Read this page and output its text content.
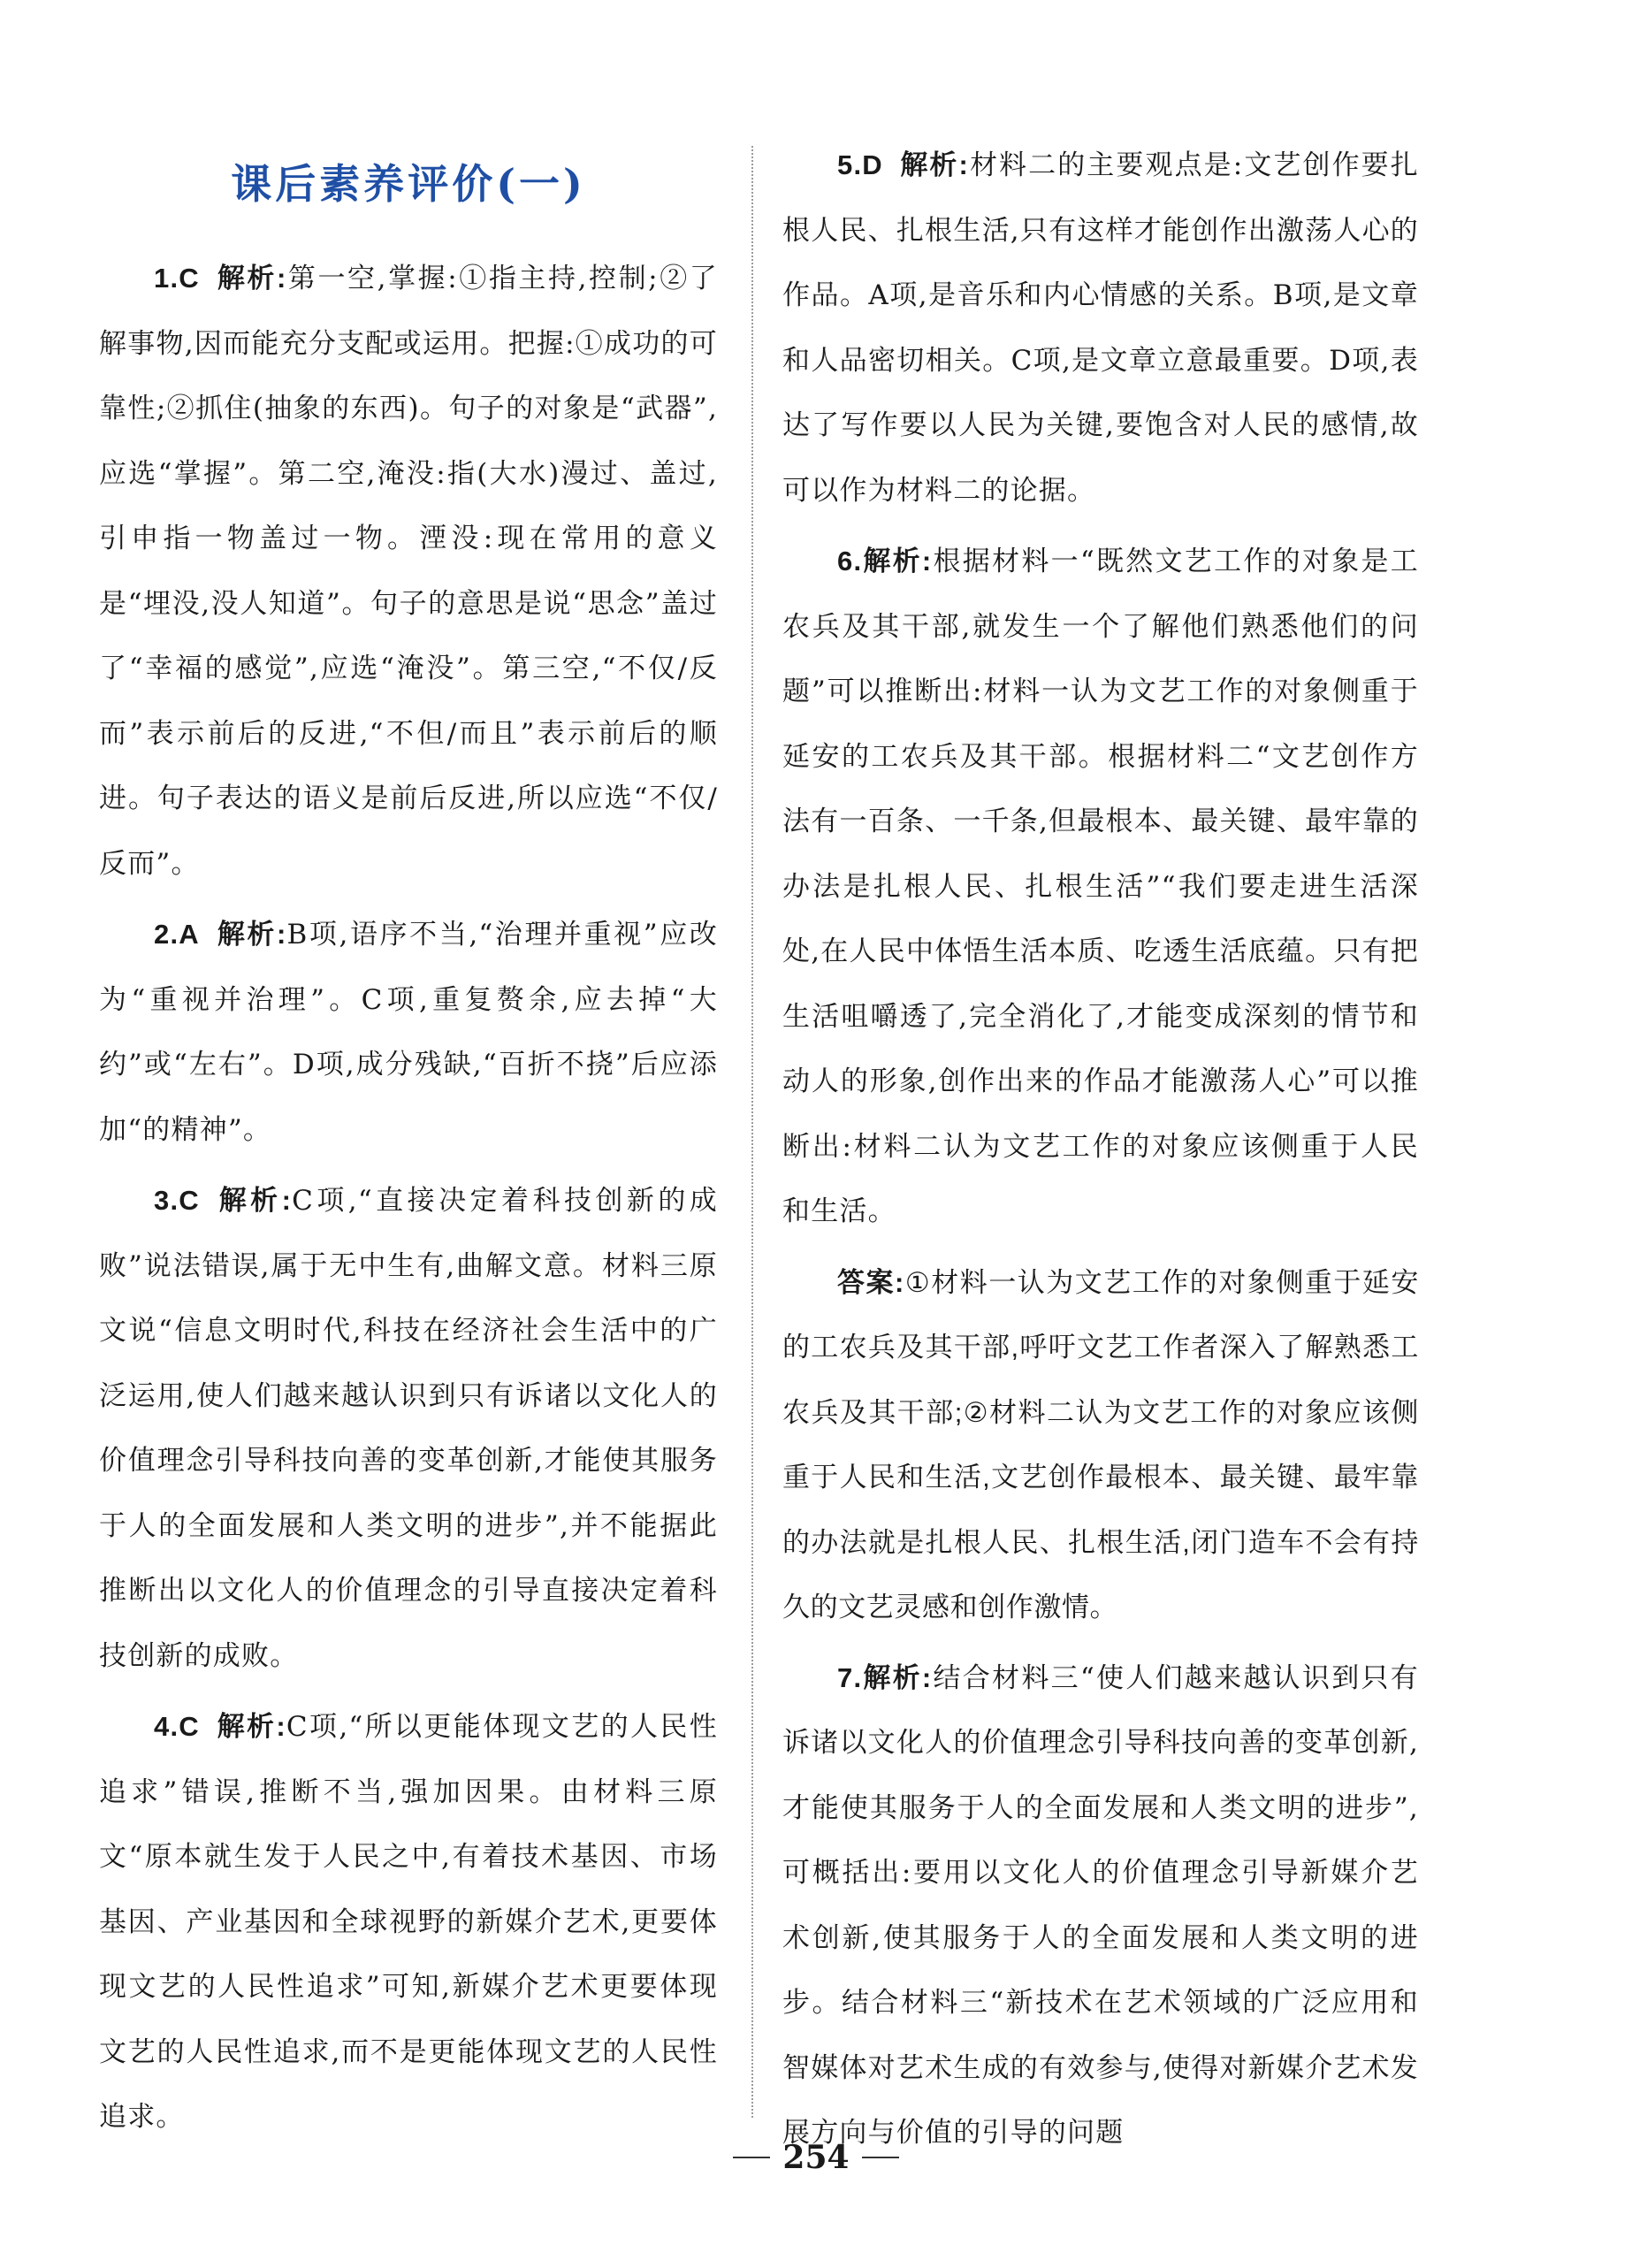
课后素养评价(一)

1.C 解析:第一空,掌握:①指主持,控制;②了解事物,因而能充分支配或运用。把握:①成功的可靠性;②抓住(抽象的东西)。句子的对象是“武器”,应选“掌握”。第二空,淹没:指(大水)漫过、盖过,引申指一物盖过一物。湮没:现在常用的意义是“埋没,没人知道”。句子的意思是说“思念”盖过了“幸福的感觉”,应选“淹没”。第三空,“不仅/反而”表示前后的反进,“不但/而且”表示前后的顺进。句子表达的语义是前后反进,所以应选“不仅/反而”。

2.A 解析:B项,语序不当,“治理并重视”应改为“重视并治理”。C项,重复赘余,应去掉“大约”或“左右”。D项,成分残缺,“百折不挠”后应添加“的精神”。

3.C 解析:C项,“直接决定着科技创新的成败”说法错误,属于无中生有,曲解文意。材料三原文说“信息文明时代,科技在经济社会生活中的广泛运用,使人们越来越认识到只有诉诸以文化人的价值理念引导科技向善的变革创新,才能使其服务于人的全面发展和人类文明的进步”,并不能据此推断出以文化人的价值理念的引导直接决定着科技创新的成败。

4.C 解析:C项,“所以更能体现文艺的人民性追求”错误,推断不当,强加因果。由材料三原文“原本就生发于人民之中,有着技术基因、市场基因、产业基因和全球视野的新媒介艺术,更要体现文艺的人民性追求”可知,新媒介艺术更要体现文艺的人民性追求,而不是更能体现文艺的人民性追求。

5.D 解析:材料二的主要观点是:文艺创作要扎根人民、扎根生活,只有这样才能创作出激荡人心的作品。A项,是音乐和内心情感的关系。B项,是文章和人品密切相关。C项,是文章立意最重要。D项,表达了写作要以人民为关键,要饱含对人民的感情,故可以作为材料二的论据。

6.解析:根据材料一“既然文艺工作的对象是工农兵及其干部,就发生一个了解他们熟悉他们的问题”可以推断出:材料一认为文艺工作的对象侧重于延安的工农兵及其干部。根据材料二“文艺创作方法有一百条、一千条,但最根本、最关键、最牢靠的办法是扎根人民、扎根生活”“我们要走进生活深处,在人民中体悟生活本质、吃透生活底蕴。只有把生活咀嚼透了,完全消化了,才能变成深刻的情节和动人的形象,创作出来的作品才能激荡人心”可以推断出:材料二认为文艺工作的对象应该侧重于人民和生活。

答案:①材料一认为文艺工作的对象侧重于延安的工农兵及其干部,呼吁文艺工作者深入了解熟悉工农兵及其干部;②材料二认为文艺工作的对象应该侧重于人民和生活,文艺创作最根本、最关键、最牢靠的办法就是扎根人民、扎根生活,闭门造车不会有持久的文艺灵感和创作激情。

7.解析:结合材料三“使人们越来越认识到只有诉诸以文化人的价值理念引导科技向善的变革创新,才能使其服务于人的全面发展和人类文明的进步”,可概括出:要用以文化人的价值理念引导新媒介艺术创新,使其服务于人的全面发展和人类文明的进步。结合材料三“新技术在艺术领域的广泛应用和智媒体对艺术生成的有效参与,使得对新媒介艺术发展方向与价值的引导的问题

254
